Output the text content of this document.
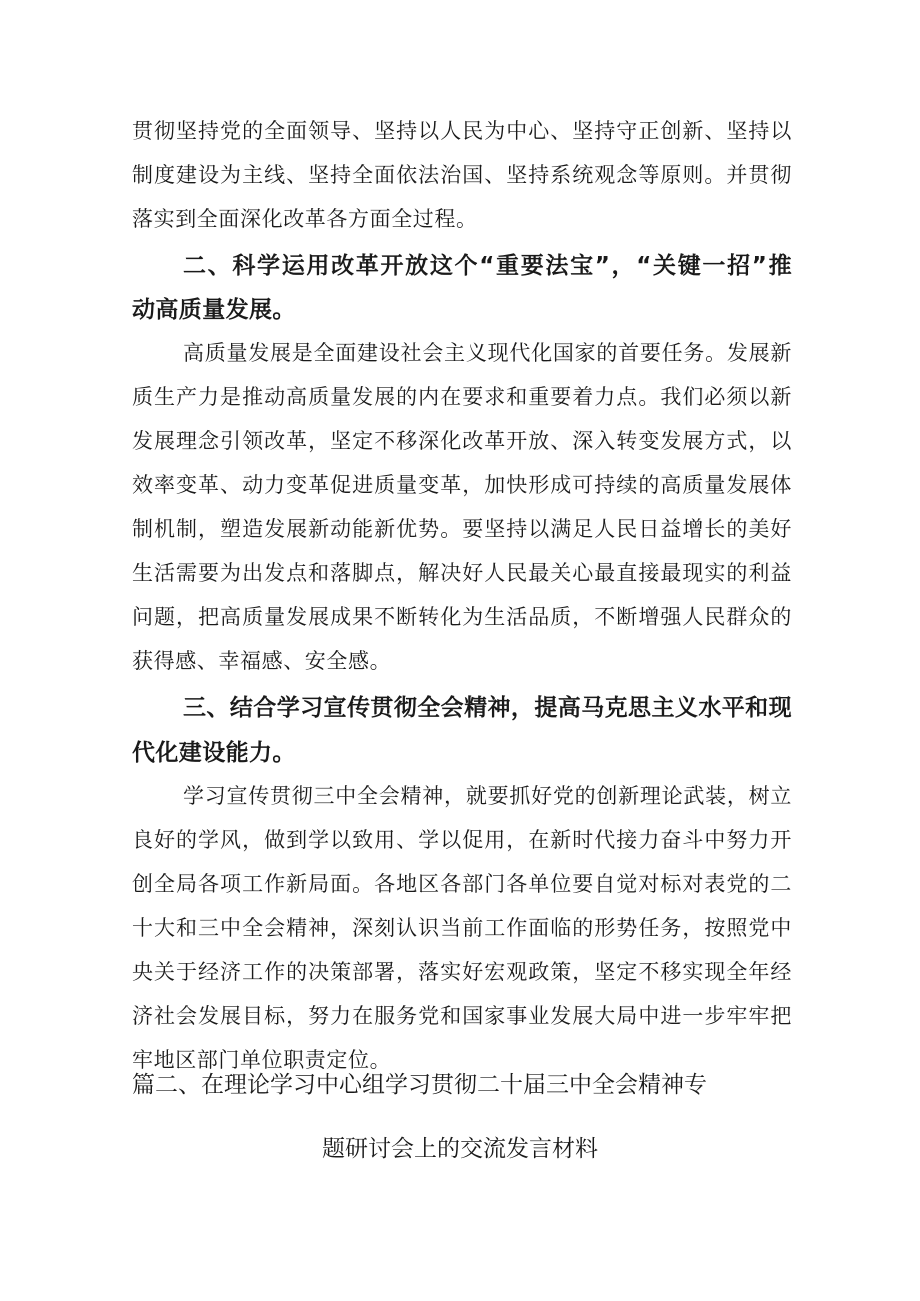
贯彻坚持党的全面领导、坚持以人民为中心、坚持守正创新、坚持以
制度建设为主线、坚持全面依法治国、坚持系统观念等原则。并贯彻
落实到全面深化改革各方面全过程。
二、科学运用改革开放这个“重要法宝”，“关键一招”推
动高质量发展。
高质量发展是全面建设社会主义现代化国家的首要任务。发展新
质生产力是推动高质量发展的内在要求和重要着力点。我们必须以新
发展理念引领改革，坚定不移深化改革开放、深入转变发展方式，以
效率变革、动力变革促进质量变革，加快形成可持续的高质量发展体
制机制，塑造发展新动能新优势。要坚持以满足人民日益增长的美好
生活需要为出发点和落脚点，解决好人民最关心最直接最现实的利益
问题，把高质量发展成果不断转化为生活品质，不断增强人民群众的
获得感、幸福感、安全感。
三、结合学习宣传贯彻全会精神，提高马克思主义水平和现
代化建设能力。
学习宣传贯彻三中全会精神，就要抓好党的创新理论武装，树立
良好的学风，做到学以致用、学以促用，在新时代接力奋斗中努力开
创全局各项工作新局面。各地区各部门各单位要自觉对标对表党的二
十大和三中全会精神，深刻认识当前工作面临的形势任务，按照党中
央关于经济工作的决策部署，落实好宏观政策，坚定不移实现全年经
济社会发展目标，努力在服务党和国家事业发展大局中进一步牢牢把
牢地区部门单位职责定位。
篇二、在理论学习中心组学习贯彻二十届三中全会精神专
题研讨会上的交流发言材料
